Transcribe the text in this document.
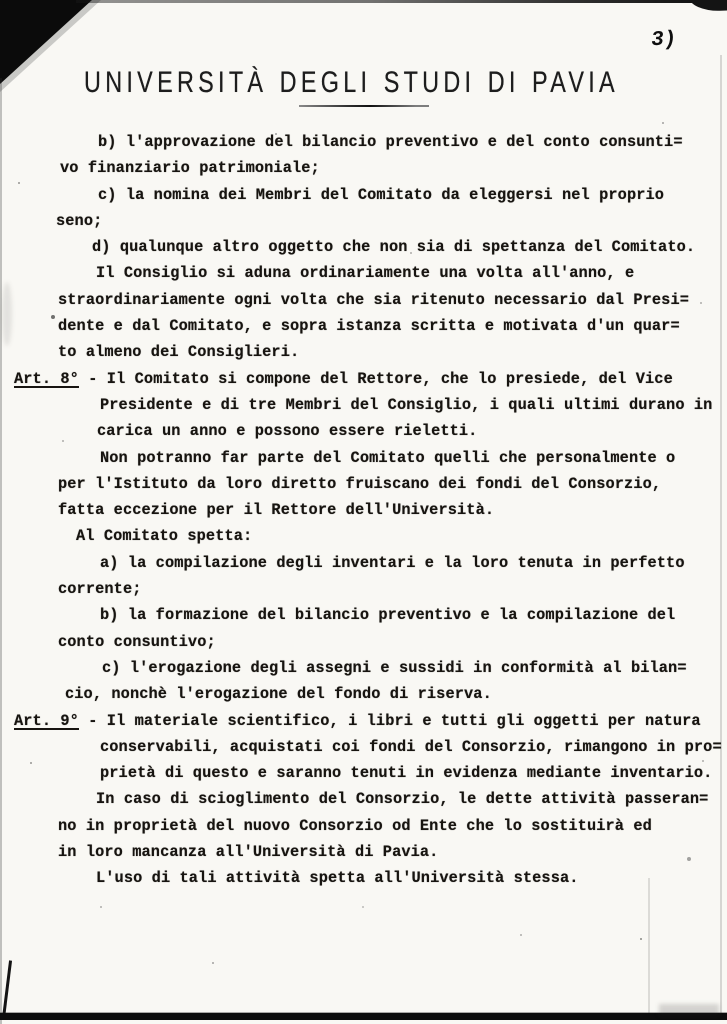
3)
UNIVERSITÀ DEGLI STUDI DI PAVIA
b) l'approvazione del bilancio preventivo e del conto consunti=
vo finanziario patrimoniale;
c) la nomina dei Membri del Comitato da eleggersi nel proprio
seno;
d) qualunque altro oggetto che non sia di spettanza del Comitato.
Il Consiglio si aduna ordinariamente una volta all'anno, e
straordinariamente ogni volta che sia ritenuto necessario dal Presi=
dente e dal Comitato, e sopra istanza scritta e motivata d'un quar=
to almeno dei Consiglieri.
Art. 8° - Il Comitato si compone del Rettore, che lo presiede, del Vice
Presidente e di tre Membri del Consiglio, i quali ultimi durano in
carica un anno e possono essere rieletti.
Non potranno far parte del Comitato quelli che personalmente o
per l'Istituto da loro diretto fruiscano dei fondi del Consorzio,
fatta eccezione per il Rettore dell'Università.
Al Comitato spetta:
a) la compilazione degli inventari e la loro tenuta in perfetto
corrente;
b) la formazione del bilancio preventivo e la compilazione del
conto consuntivo;
c) l'erogazione degli assegni e sussidi in conformità al bilan=
cio, nonchè l'erogazione del fondo di riserva.
Art. 9° - Il materiale scientifico, i libri e tutti gli oggetti per natura
conservabili, acquistati coi fondi del Consorzio, rimangono in pro=
prietà di questo e saranno tenuti in evidenza mediante inventario.
In caso di scioglimento del Consorzio, le dette attività passeran=
no in proprietà del nuovo Consorzio od Ente che lo sostituirà ed
in loro mancanza all'Università di Pavia.
L'uso di tali attività spetta all'Università stessa.
